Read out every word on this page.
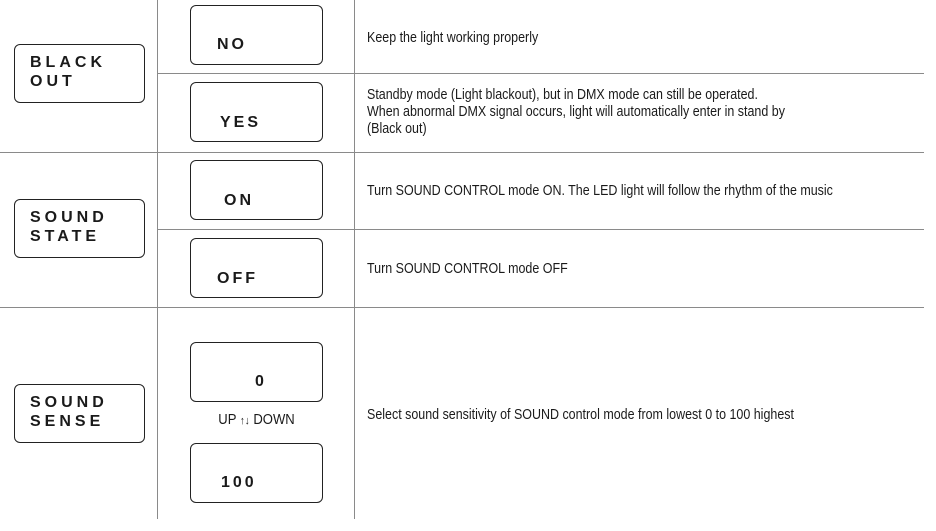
BLACK
OUT
NO	Keep the light working properly
YES
Standby mode (Light blackout), but in DMX mode can still be operated.
When abnormal DMX signal occurs, light will automatically enter in stand by
(Black out)
SOUND
STATE
ON
Turn SOUND CONTROL mode ON. The LED light will follow the rhythm of the music
OFF
Turn SOUND CONTROL mode OFF
SOUND
SENSE
0
UP ↑↓ DOWN
100
Select sound sensitivity of SOUND control mode from lowest 0 to 100 highest
